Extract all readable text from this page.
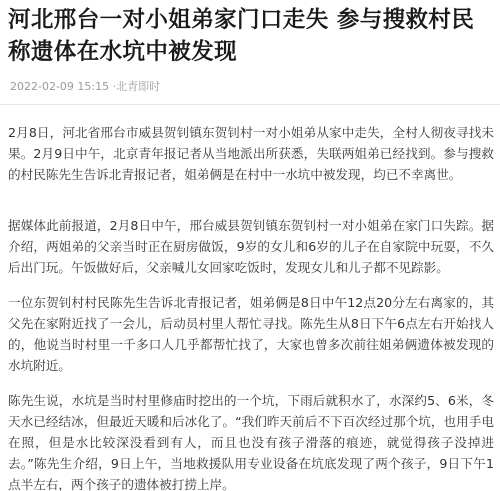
河北邢台一对小姐弟家门口走失 参与搜救村民称遗体在水坑中被发现
2022-02-09 15:15 ·北青即时

2月8日，河北省邢台市威县贺钊镇东贺钊村一对小姐弟从家中走失，全村人彻夜寻找未果。2月9日中午，北京青年报记者从当地派出所获悉，失联两姐弟已经找到。参与搜救的村民陈先生告诉北青报记者，姐弟俩是在村中一水坑中被发现，均已不幸离世。

据媒体此前报道，2月8日中午，邢台威县贺钊镇东贺钊村一对小姐弟在家门口失踪。据介绍，两姐弟的父亲当时正在厨房做饭，9岁的女儿和6岁的儿子在自家院中玩耍，不久后出门玩。午饭做好后，父亲喊儿女回家吃饭时，发现女儿和儿子都不见踪影。

一位东贺钊村村民陈先生告诉北青报记者，姐弟俩是8日中午12点20分左右离家的，其父先在家附近找了一会儿，后动员村里人帮忙寻找。陈先生从8日下午6点左右开始找人的，他说当时村里一千多口人几乎都帮忙找了，大家也曾多次前往姐弟俩遗体被发现的水坑附近。

陈先生说，水坑是当时村里修庙时挖出的一个坑，下雨后就积水了，水深约5、6米，冬天水已经结冰，但最近天暖和后冰化了。“我们昨天前后不下百次经过那个坑，也用手电在照，但是水比较深没看到有人，而且也没有孩子滑落的痕迹，就觉得孩子没掉进去。”陈先生介绍，9日上午，当地救援队用专业设备在坑底发现了两个孩子，9日下午1点半左右，两个孩子的遗体被打捞上岸。
